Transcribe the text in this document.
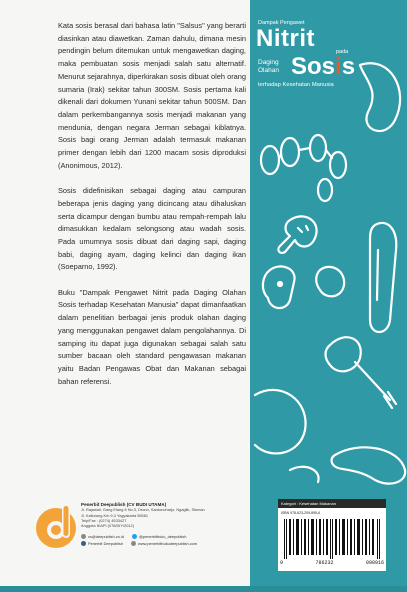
Kata sosis berasal dari bahasa latin "Salsus" yang berarti diasinkan atau diawetkan. Zaman dahulu, dimana mesin pendingin belum ditemukan untuk mengawetkan daging, maka pembuatan sosis menjadi salah satu alternatif. Menurut sejarahnya, diperkirakan sosis dibuat oleh orang sumaria (Irak) sekitar tahun 300SM. Sosis pertama kali dikenali dari dokumen Yunani sekitar tahun 500SM. Dan dalam perkembangannya sosis menjadi makanan yang mendunia, dengan negara Jerman sebagai kiblatnya. Sosis bagi orang Jerman adalah termasuk makanan primer dengan lebih dari 1200 macam sosis diproduksi (Anonimous, 2012).

Sosis didefinisikan sebagai daging atau campuran beberapa jenis daging yang dicincang atau dihaluskan serta dicampur dengan bumbu atau rempah-rempah lalu dimasukkan kedalam selongsong atau wadah sosis. Pada umumnya sosis dibuat dari daging sapi, daging babi, daging ayam, daging kelinci dan daging ikan (Soeparno, 1992).

Buku "Dampak Pengawet Nitrit pada Daging Olahan Sosis terhadap Kesehatan Manusia" dapat dimanfaatkan dalam penelitian berbagai jenis produk olahan daging yang menggunakan pengawet dalam pengolahannya. Di samping itu dapat juga digunakan sebagai salah satu sumber bacaan oleh standard pengawasan makanan yaitu Badan Pengawas Obat dan Makanan sebagai bahan referensi.

Penerbit Deepublish (CV BUDI UTAMA)
Jl. Rajawali, Gang Elang 6 No.3, Drono, Sardonoharjo, Ngaglik, Sleman
Jl. Kaliurang Km 9,3 Yogyakarta 55581
Telp/Fax : (0274) 4533427
Anggota IKAPI (076/DIY/2012)
cs@deepublish.co.id	@penerbitbuku_deepublish
Penerbit Deepublish	www.penerbitbukudeepublish.com
Dampak Pengawet
Nitrit	pada
Daging
Olahan Sosis
terhadap Kesehatan Manusia
Kategori : Kesehatan Makanan
ISBN 978-623-209-895-6
9	786232	098916
